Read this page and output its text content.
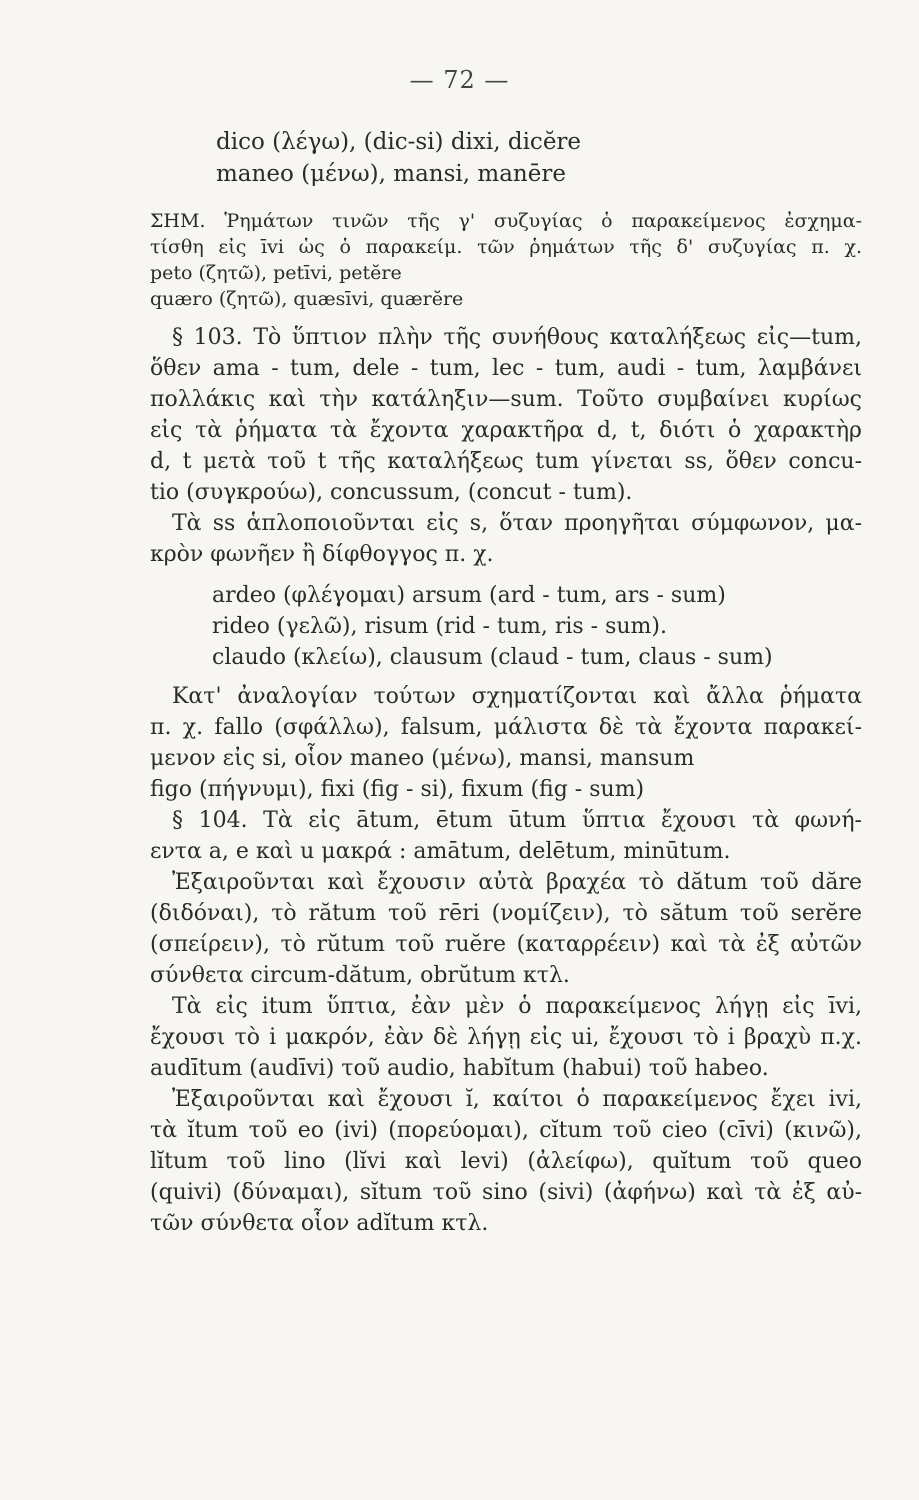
— 72 —
dico (λέγω), (dic-si) dixi, dicĕre
maneo (μένω), mansi, manēre
ΣΗΜ. Ῥημάτων τινῶν τῆς γ' συζυγίας ὁ παρακείμενος ἐσχημα-
τίσθη εἰς īvi ὡς ὁ παρακείμ. τῶν ῥημάτων τῆς δ' συζυγίας π. χ.
peto (ζητῶ), petīvi, petĕre
quæro (ζητῶ), quæsīvi, quærĕre
§ 103. Τὸ ὕπτιον πλὴν τῆς συνήθους καταλήξεως εἰς—tum,
ὅθεν ama - tum, dele - tum, lec - tum, audi - tum, λαμβάνει
πολλάκις καὶ τὴν κατάληξιν—sum. Τοῦτο συμβαίνει κυρίως
εἰς τὰ ῥήματα τὰ ἔχοντα χαρακτῆρα d, t, διότι ὁ χαρακτὴρ
d, t μετὰ τοῦ t τῆς καταλήξεως tum γίνεται ss, ὅθεν concu-
tio (συγκρούω), concussum, (concut - tum).
Τὰ ss ἁπλοποιοῦνται εἰς s, ὅταν προηγῆται σύμφωνον, μα-
κρὸν φωνῆεν ἢ δίφθογγος π. χ.
ardeo (φλέγομαι) arsum (ard - tum, ars - sum)
rideo (γελῶ), risum (rid - tum, ris - sum).
claudo (κλείω), clausum (claud - tum, claus - sum)
Κατ' ἀναλογίαν τούτων σχηματίζονται καὶ ἄλλα ῥήματα
π. χ. fallo (σφάλλω), falsum, μάλιστα δὲ τὰ ἔχοντα παρακεί-
μενον εἰς si, οἷον maneo (μένω), mansi, mansum
figo (πήγνυμι), fixi (fig - si), fixum (fig - sum)
§ 104. Τὰ εἰς ātum, ētum ūtum ὕπτια ἔχουσι τὰ φωνή-
εντα a, e καὶ u μακρά : amātum, delētum, minūtum.
Ἐξαιροῦνται καὶ ἔχουσιν αὐτὰ βραχέα τὸ dătum τοῦ dăre
(διδόναι), τὸ rătum τοῦ rēri (νομίζειν), τὸ sătum τοῦ serĕre
(σπείρειν), τὸ rŭtum τοῦ ruĕre (καταρρέειν) καὶ τὰ ἐξ αὐτῶν
σύνθετα circum-dătum, obrŭtum κτλ.
Τὰ εἰς itum ὕπτια, ἐὰν μὲν ὁ παρακείμενος λήγῃ εἰς īvi,
ἔχουσι τὸ i μακρόν, ἐὰν δὲ λήγῃ εἰς ui, ἔχουσι τὸ i βραχὺ π.χ.
audītum (audīvi) τοῦ audio, habĭtum (habui) τοῦ habeo.
Ἐξαιροῦνται καὶ ἔχουσι ĭ, καίτοι ὁ παρακείμενος ἔχει ivi,
τὰ ĭtum τοῦ eo (ivi) (πορεύομαι), cĭtum τοῦ cieo (cīvi) (κινῶ),
lĭtum τοῦ lino (lĭvi καὶ levi) (ἀλείφω), quĭtum τοῦ queo
(quivi) (δύναμαι), sĭtum τοῦ sino (sivi) (ἀφήνω) καὶ τὰ ἐξ αὐ-
τῶν σύνθετα οἷον adĭtum κτλ.
